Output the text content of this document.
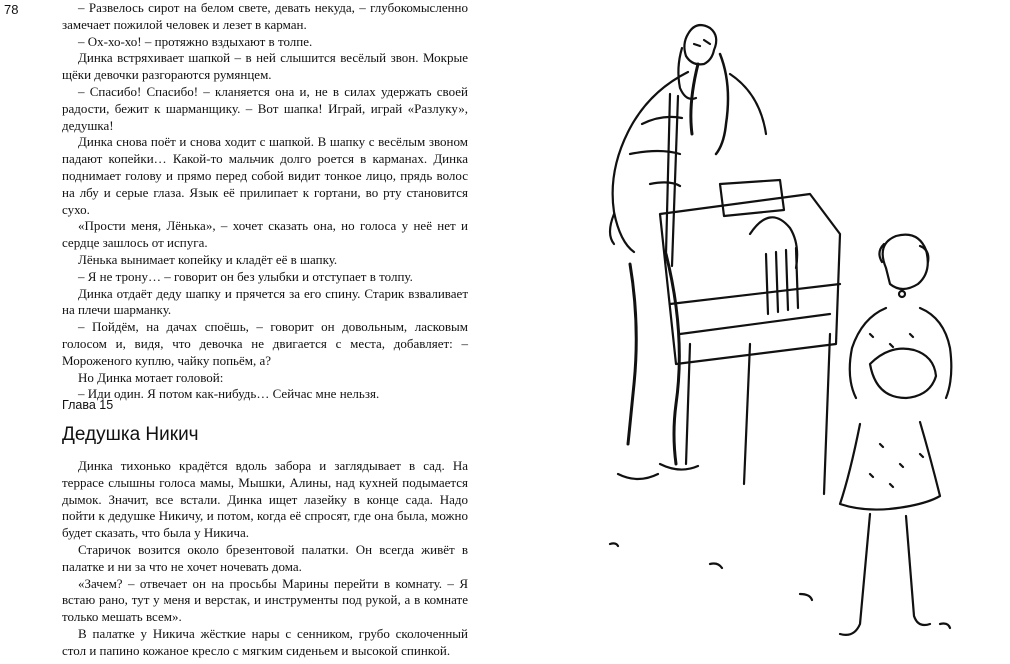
78	– Развелось сирот на белом свете, девать некуда, – глубокомысленно замечает пожилой человек и лезет в карман.

– Ох-хо-хо! – протяжно вздыхают в толпе.

Динка встряхивает шапкой – в ней слышится весёлый звон. Мокрые щёки девочки разгораются румянцем.

– Спасибо! Спасибо! – кланяется она и, не в силах удержать своей радости, бежит к шарманщику. – Вот шапка! Играй, играй «Разлуку», дедушка!

Динка снова поёт и снова ходит с шапкой. В шапку с весёлым звоном падают копейки… Какой-то мальчик долго роется в карманах. Динка поднимает голову и прямо перед собой видит тонкое лицо, прядь волос на лбу и серые глаза. Язык её прилипает к гортани, во рту становится сухо.

«Прости меня, Лёнька», – хочет сказать она, но голоса у неё нет и сердце зашлось от испуга.

Лёнька вынимает копейку и кладёт её в шапку.

– Я не трону… – говорит он без улыбки и отступает в толпу.

Динка отдаёт деду шапку и прячется за его спину. Старик взваливает на плечи шарманку.

– Пойдём, на дачах споёшь, – говорит он довольным, ласковым голосом и, видя, что девочка не двигается с места, добавляет: – Мороженого куплю, чайку попьём, а?

Но Динка мотает головой:

– Иди один. Я потом как-нибудь… Сейчас мне нельзя.

Глава 15
Дедушка Никич

Динка тихонько крадётся вдоль забора и заглядывает в сад. На террасе слышны голоса мамы, Мышки, Алины, над кухней подымается дымок. Значит, все встали. Динка ищет лазейку в конце сада. Надо пойти к дедушке Никичу, и потом, когда её спросят, где она была, можно будет сказать, что была у Никича.

Старичок возится около брезентовой палатки. Он всегда живёт в палатке и ни за что не хочет ночевать дома.

«Зачем? – отвечает он на просьбы Марины перейти в комнату. – Я встаю рано, тут у меня и верстак, и инструменты под рукой, а в комнате только мешать всем».

В палатке у Никича жёсткие нары с сенником, грубо сколоченный стол и папино кожаное кресло с мягким сиденьем и высокой спинкой.
